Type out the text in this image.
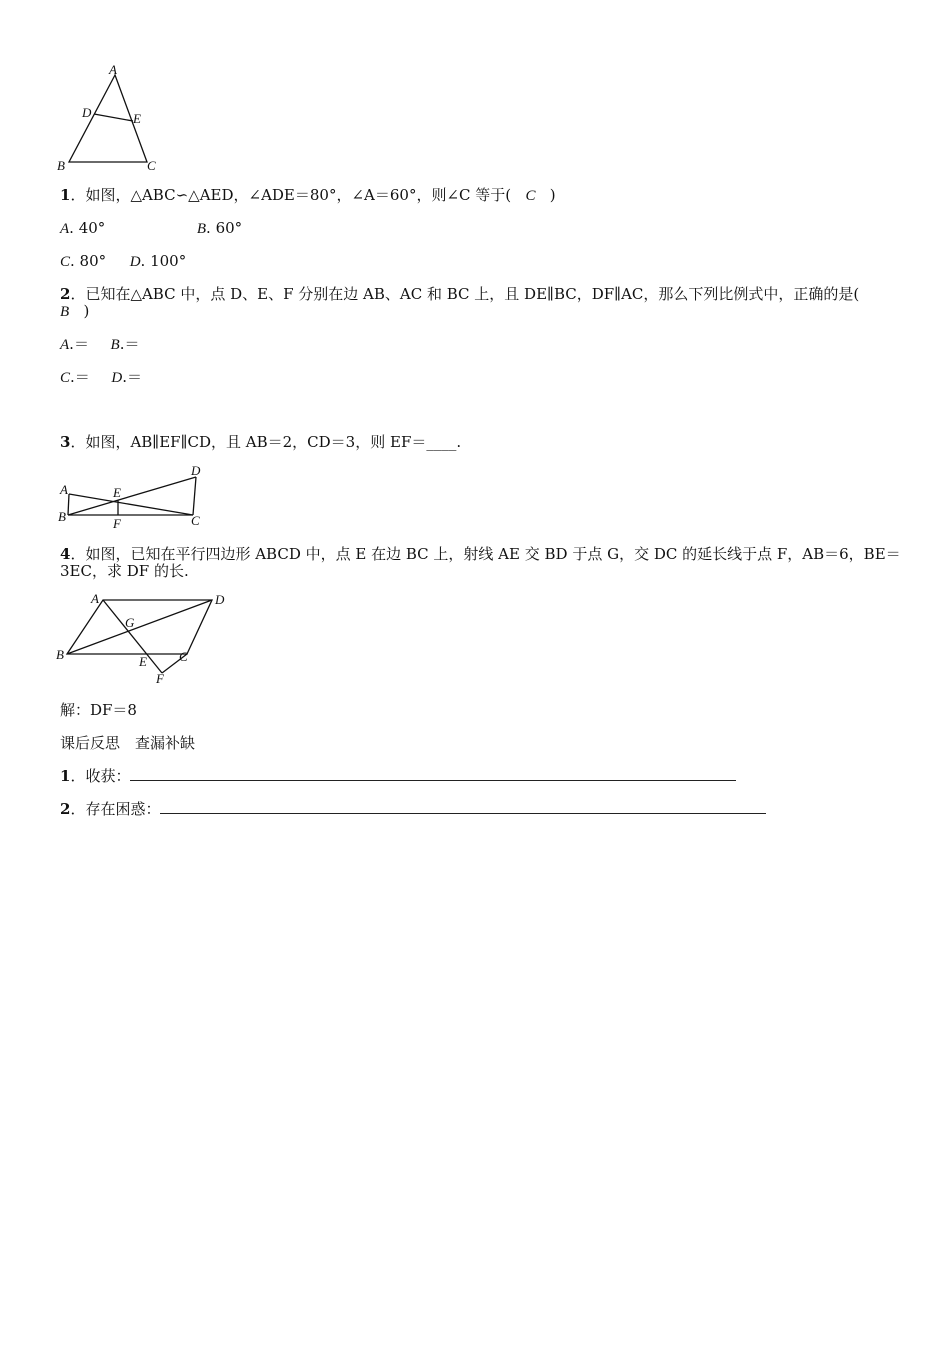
A
D	E
B	C
1．如图，△ABC∽△AED，∠ADE＝80°，∠A＝60°，则∠C 等于( C )
A. 40°	B. 60°
C. 80° D. 100°
2．已知在△ABC 中，点 D、E、F 分别在边 AB、AC 和 BC 上，且 DE∥BC，DF∥AC，那么下列比例式中，正确的是(
B )
A.＝ B.＝
C.＝ D.＝
3．如图，AB∥EF∥CD，且 AB＝2，CD＝3，则 EF＝____.
A
B
E
F	C
D
4．如图，已知在平行四边形 ABCD 中，点 E 在边 BC 上，射线 AE 交 BD 于点 G，交 DC 的延长线于点 F，AB＝6，BE＝
3EC，求 DF 的长.
A	D
G
B	E C
F
解：DF＝8
课后反思　查漏补缺
1．收获：
2．存在困惑：
